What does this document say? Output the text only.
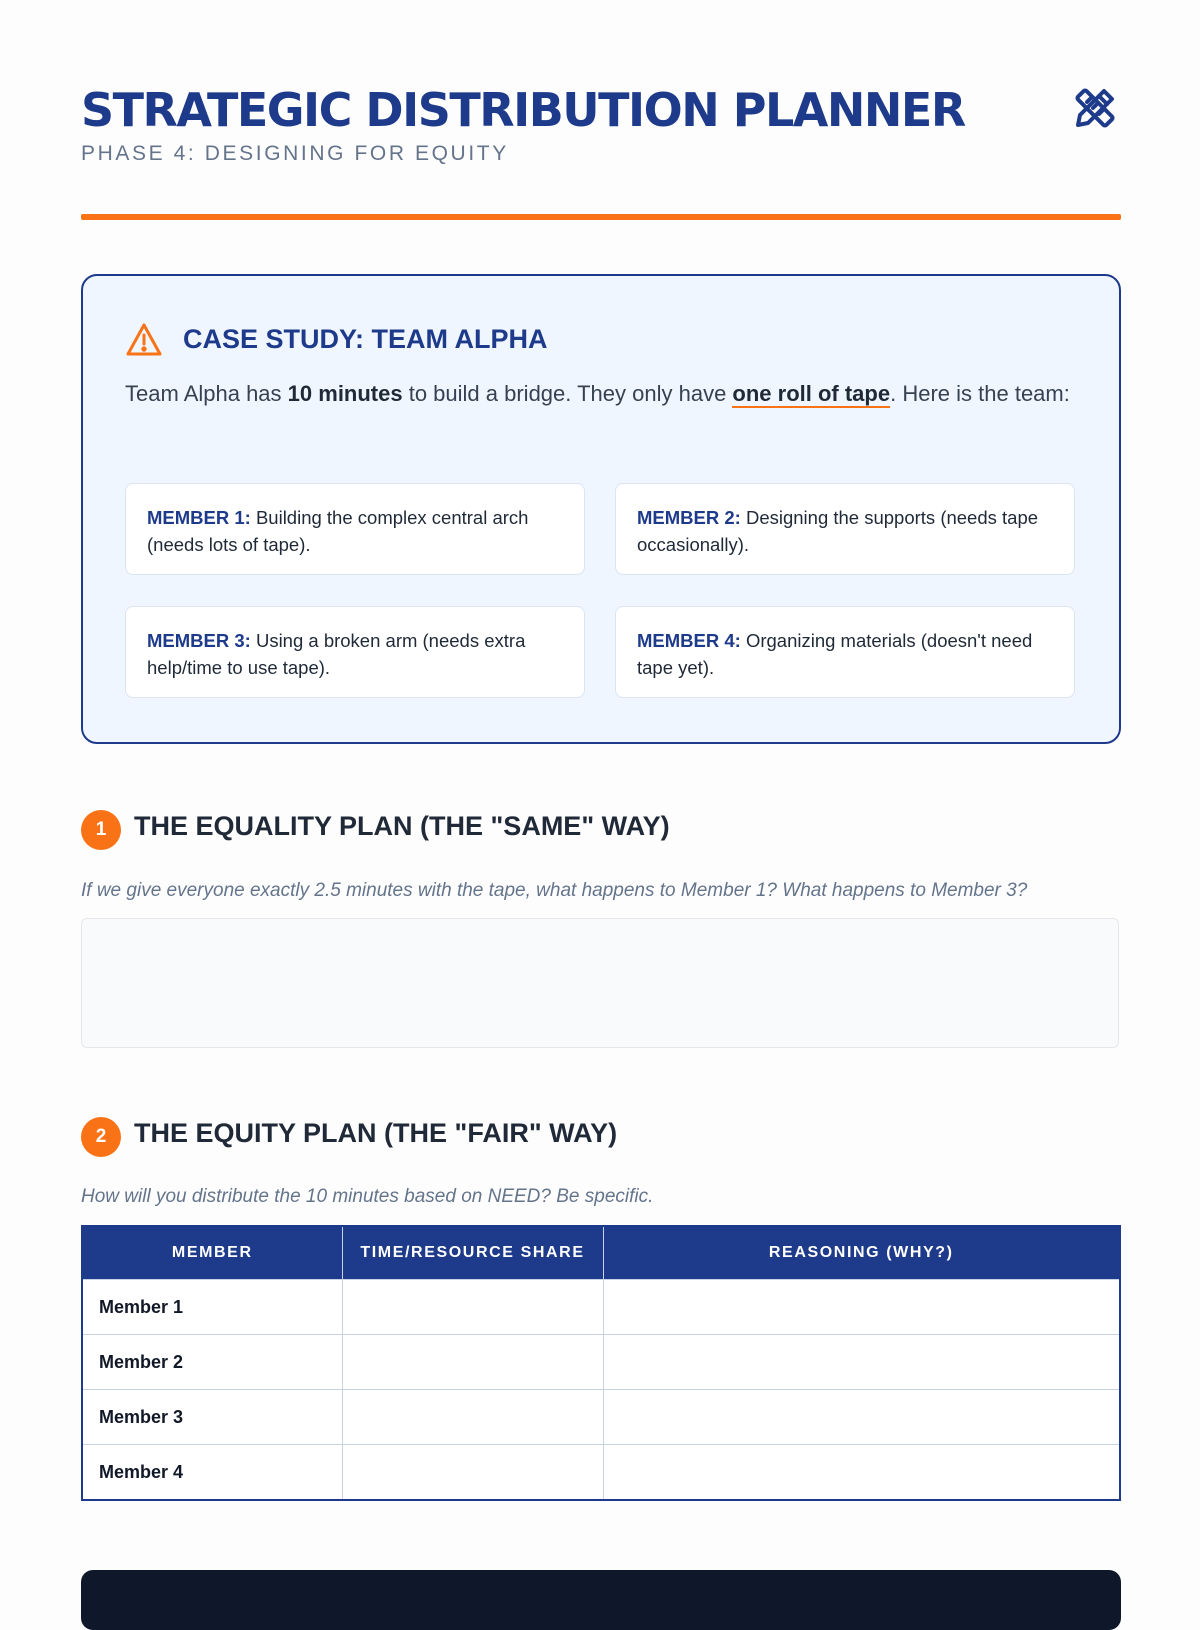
STRATEGIC DISTRIBUTION PLANNER
PHASE 4: DESIGNING FOR EQUITY
CASE STUDY: TEAM ALPHA
Team Alpha has 10 minutes to build a bridge. They only have one roll of tape. Here is the team:
MEMBER 1: Building the complex central arch (needs lots of tape).
MEMBER 2: Designing the supports (needs tape occasionally).
MEMBER 3: Using a broken arm (needs extra help/time to use tape).
MEMBER 4: Organizing materials (doesn't need tape yet).
1	THE EQUALITY PLAN (THE "SAME" WAY)
If we give everyone exactly 2.5 minutes with the tape, what happens to Member 1? What happens to Member 3?
2	THE EQUITY PLAN (THE "FAIR" WAY)
How will you distribute the 10 minutes based on NEED? Be specific.
MEMBER	TIME/RESOURCE SHARE	REASONING (WHY?)
Member 1		
Member 2		
Member 3		
Member 4		
